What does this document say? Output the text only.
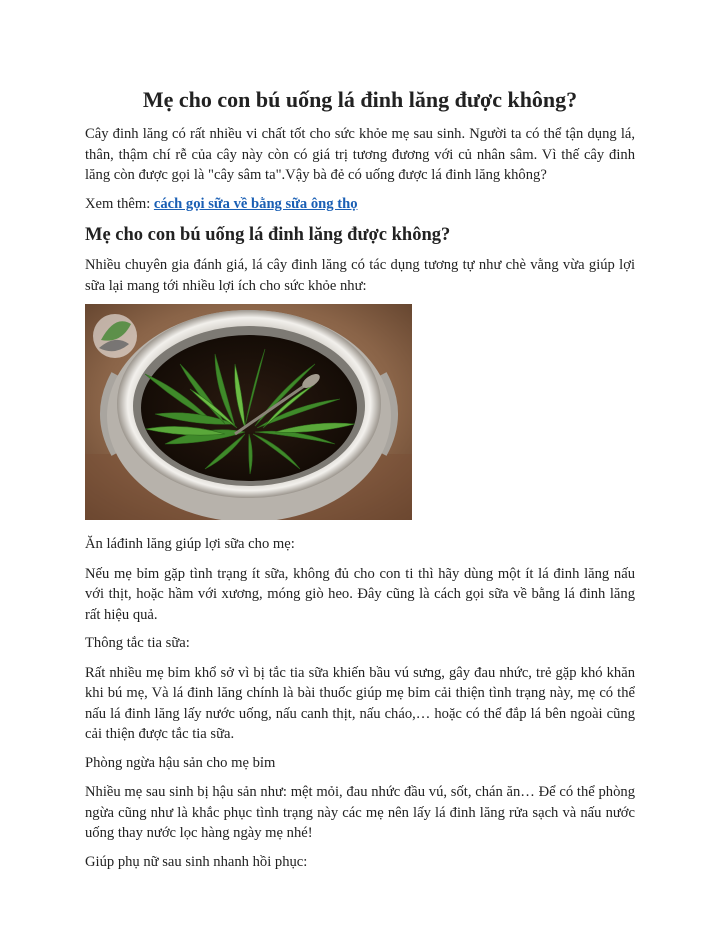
Mẹ cho con bú uống lá đinh lăng được không?

Cây đinh lăng có rất nhiều vi chất tốt cho sức khỏe mẹ sau sinh. Người ta có thể tận dụng lá, thân, thậm chí rễ của cây này còn có giá trị tương đương với củ nhân sâm. Vì thế cây đinh lăng còn được gọi là "cây sâm ta".Vậy bà đẻ có uống được lá đinh lăng không?

Xem thêm: cách gọi sữa về bằng sữa ông thọ

Mẹ cho con bú uống lá đinh lăng được không?

Nhiều chuyên gia đánh giá, lá cây đinh lăng có tác dụng tương tự như chè vằng vừa giúp lợi sữa lại mang tới nhiều lợi ích cho sức khỏe như:

Ăn láđinh lăng giúp lợi sữa cho mẹ:

Nếu mẹ bỉm gặp tình trạng ít sữa, không đủ cho con ti thì hãy dùng một ít lá đinh lăng nấu với thịt, hoặc hầm với xương, móng giò heo. Đây cũng là cách gọi sữa về bằng lá đinh lăng rất hiệu quả.

Thông tắc tia sữa:

Rất nhiều mẹ bỉm khổ sở vì bị tắc tia sữa khiến bầu vú sưng, gây đau nhức, trẻ gặp khó khăn khi bú mẹ, Và lá đinh lăng chính là bài thuốc giúp mẹ bỉm cải thiện tình trạng này, mẹ có thể nấu lá đinh lăng lấy nước uống, nấu canh thịt, nấu cháo,… hoặc có thể đắp lá bên ngoài cũng cải thiện được tắc tia sữa.

Phòng ngừa hậu sản cho mẹ bỉm

Nhiều mẹ sau sinh bị hậu sản như: mệt mỏi, đau nhức đầu vú, sốt, chán ăn… Để có thể phòng ngừa cũng như là khắc phục tình trạng này các mẹ nên lấy lá đinh lăng rửa sạch và nấu nước uống thay nước lọc hàng ngày mẹ nhé!

Giúp phụ nữ sau sinh nhanh hồi phục:
